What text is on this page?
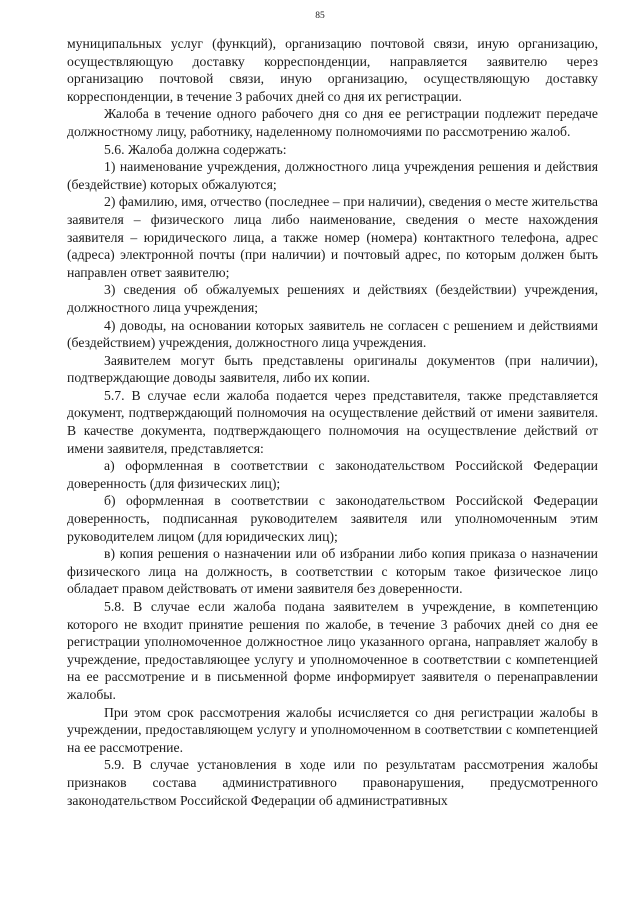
85

муниципальных услуг (функций), организацию почтовой связи, иную организацию, осуществляющую доставку корреспонденции, направляется заявителю через организацию почтовой связи, иную организацию, осуществляющую доставку корреспонденции, в течение 3 рабочих дней со дня их регистрации.

Жалоба в течение одного рабочего дня со дня ее регистрации подлежит передаче должностному лицу, работнику, наделенному полномочиями по рассмотрению жалоб.

5.6. Жалоба должна содержать:

1) наименование учреждения, должностного лица учреждения решения и действия (бездействие) которых обжалуются;

2) фамилию, имя, отчество (последнее – при наличии), сведения о месте жительства заявителя – физического лица либо наименование, сведения о месте нахождения заявителя – юридического лица, а также номер (номера) контактного телефона, адрес (адреса) электронной почты (при наличии) и почтовый адрес, по которым должен быть направлен ответ заявителю;

3) сведения об обжалуемых решениях и действиях (бездействии) учреждения, должностного лица учреждения;

4) доводы, на основании которых заявитель не согласен с решением и действиями (бездействием) учреждения, должностного лица учреждения.

Заявителем могут быть представлены оригиналы документов (при наличии), подтверждающие доводы заявителя, либо их копии.

5.7. В случае если жалоба подается через представителя, также представляется документ, подтверждающий полномочия на осуществление действий от имени заявителя. В качестве документа, подтверждающего полномочия на осуществление действий от имени заявителя, представляется:

а) оформленная в соответствии с законодательством Российской Федерации доверенность (для физических лиц);

б) оформленная в соответствии с законодательством Российской Федерации доверенность, подписанная руководителем заявителя или уполномоченным этим руководителем лицом (для юридических лиц);

в) копия решения о назначении или об избрании либо копия приказа о назначении физического лица на должность, в соответствии с которым такое физическое лицо обладает правом действовать от имени заявителя без доверенности.

5.8. В случае если жалоба подана заявителем в учреждение, в компетенцию которого не входит принятие решения по жалобе, в течение 3 рабочих дней со дня ее регистрации уполномоченное должностное лицо указанного органа, направляет жалобу в учреждение, предоставляющее услугу и уполномоченное в соответствии с компетенцией на ее рассмотрение и в письменной форме информирует заявителя о перенаправлении жалобы.

При этом срок рассмотрения жалобы исчисляется со дня регистрации жалобы в учреждении, предоставляющем услугу и уполномоченном в соответствии с компетенцией на ее рассмотрение.

5.9. В случае установления в ходе или по результатам рассмотрения жалобы признаков состава административного правонарушения, предусмотренного законодательством Российской Федерации об административных
